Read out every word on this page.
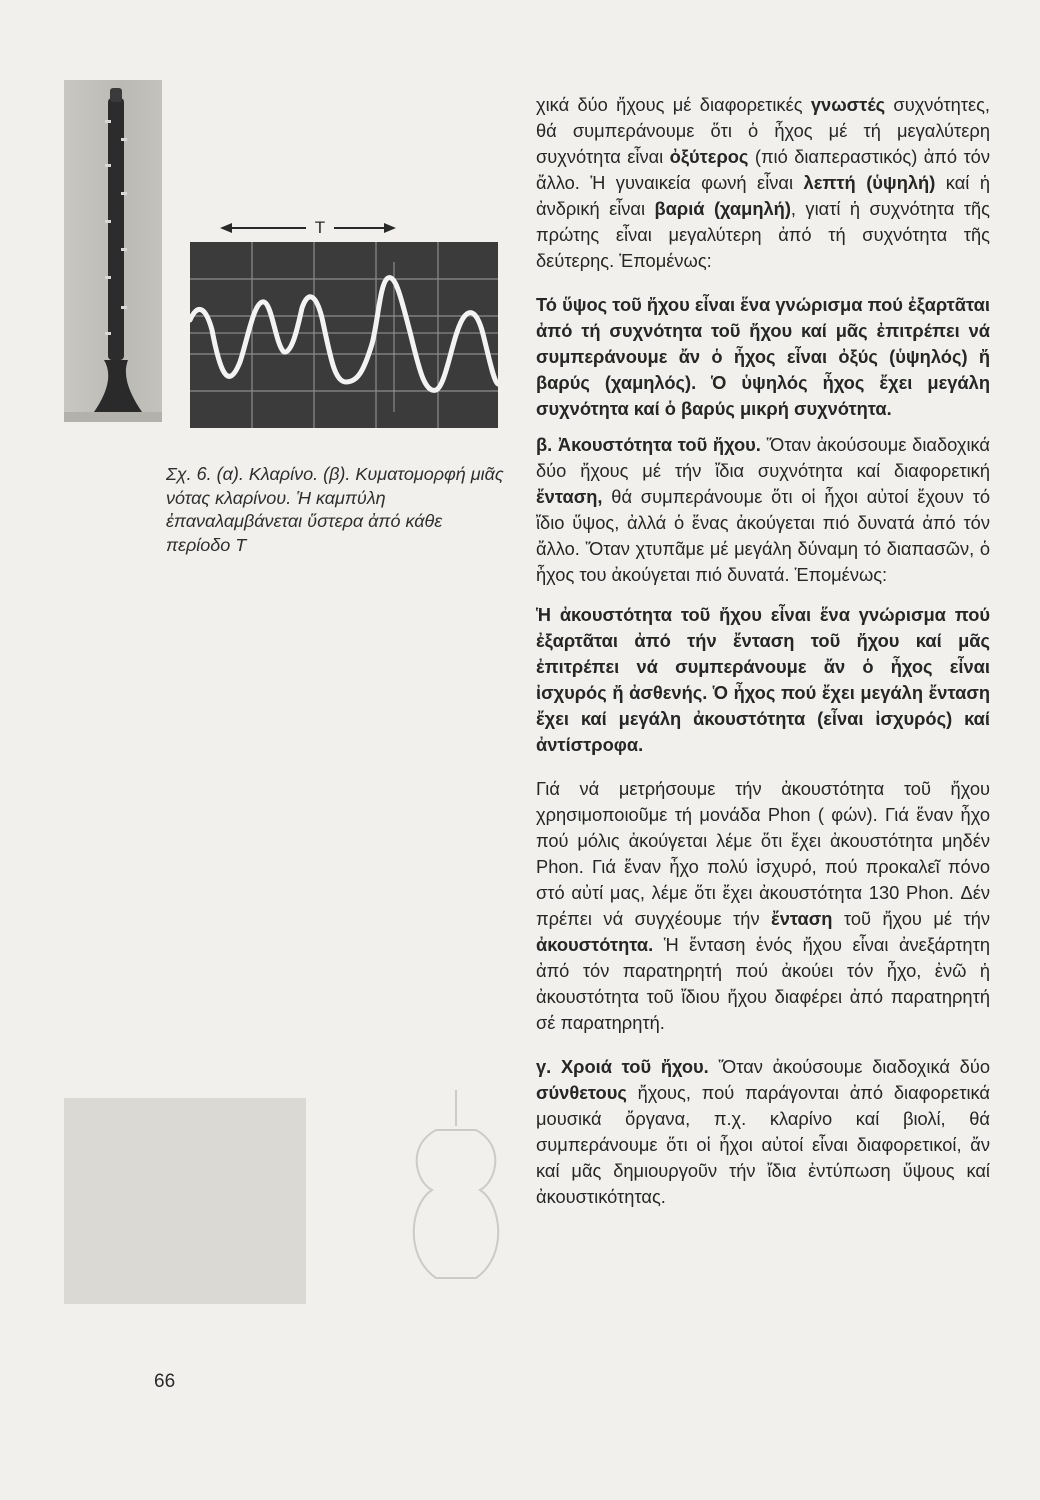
T
Σχ. 6. (α). Κλαρίνο. (β). Κυματομορφή μιᾶς νότας κλαρίνου. Ἡ καμπύλη ἐπαναλαμβάνεται ὕστερα ἀπό κάθε περίοδο Τ
66

χικά δύο ἤχους μέ διαφορετικές γνωστές συχνότητες, θά συμπεράνουμε ὅτι ὁ ἦχος μέ τή μεγαλύτερη συχνότητα εἶναι ὀξύτερος (πιό διαπεραστικός) ἀπό τόν ἄλλο. Ἡ γυναικεία φωνή εἶναι λεπτή (ὑψηλή) καί ἡ ἀνδρική εἶναι βαριά (χαμηλή), γιατί ἡ συχνότητα τῆς πρώτης εἶναι μεγαλύτερη ἀπό τή συχνότητα τῆς δεύτερης. Ἑπομένως:

Τό ὕψος τοῦ ἤχου εἶναι ἕνα γνώρισμα πού ἐξαρτᾶται ἀπό τή συχνότητα τοῦ ἤχου καί μᾶς ἐπιτρέπει νά συμπεράνουμε ἄν ὁ ἦχος εἶναι ὀξύς (ὑψηλός) ἤ βαρύς (χαμηλός). Ὁ ὑψηλός ἦχος ἔχει μεγάλη συχνότητα καί ὁ βαρύς μικρή συχνότητα.

β. Ἀκουστότητα τοῦ ἤχου. Ὅταν ἀκούσουμε διαδοχικά δύο ἤχους μέ τήν ἴδια συχνότητα καί διαφορετική ἔνταση, θά συμπεράνουμε ὅτι οἱ ἦχοι αὐτοί ἔχουν τό ἴδιο ὕψος, ἀλλά ὁ ἕνας ἀκούγεται πιό δυνατά ἀπό τόν ἄλλο. Ὅταν χτυπᾶμε μέ μεγάλη δύναμη τό διαπασῶν, ὁ ἦχος του ἀκούγεται πιό δυνατά. Ἑπομένως:

Ἡ ἀκουστότητα τοῦ ἤχου εἶναι ἕνα γνώρισμα πού ἐξαρτᾶται ἀπό τήν ἔνταση τοῦ ἤχου καί μᾶς ἐπιτρέπει νά συμπεράνουμε ἄν ὁ ἦχος εἶναι ἰσχυρός ἤ ἀσθενής. Ὁ ἦχος πού ἔχει μεγάλη ἔνταση ἔχει καί μεγάλη ἀκουστότητα (εἶναι ἰσχυρός) καί ἀντίστροφα.

Γιά νά μετρήσουμε τήν ἀκουστότητα τοῦ ἤχου χρησιμοποιοῦμε τή μονάδα Phon ( φών). Γιά ἕναν ἦχο πού μόλις ἀκούγεται λέμε ὅτι ἔχει ἀκουστότητα μηδέν Phon. Γιά ἕναν ἦχο πολύ ἰσχυρό, πού προκαλεῖ πόνο στό αὐτί μας, λέμε ὅτι ἔχει ἀκουστότητα 130 Phon. Δέν πρέπει νά συγχέουμε τήν ἔνταση τοῦ ἤχου μέ τήν ἀκουστότητα. Ἡ ἔνταση ἑνός ἤχου εἶναι ἀνεξάρτητη ἀπό τόν παρατηρητή πού ἀκούει τόν ἦχο, ἐνῶ ἡ ἀκουστότητα τοῦ ἴδιου ἤχου διαφέρει ἀπό παρατηρητή σέ παρατηρητή.

γ. Χροιά τοῦ ἤχου. Ὅταν ἀκούσουμε διαδοχικά δύο σύνθετους ἤχους, πού παράγονται ἀπό διαφορετικά μουσικά ὄργανα, π.χ. κλαρίνο καί βιολί, θά συμπεράνουμε ὅτι οἱ ἦχοι αὐτοί εἶναι διαφορετικοί, ἄν καί μᾶς δημιουργοῦν τήν ἴδια ἐντύπωση ὕψους καί ἀκουστικότητας.
